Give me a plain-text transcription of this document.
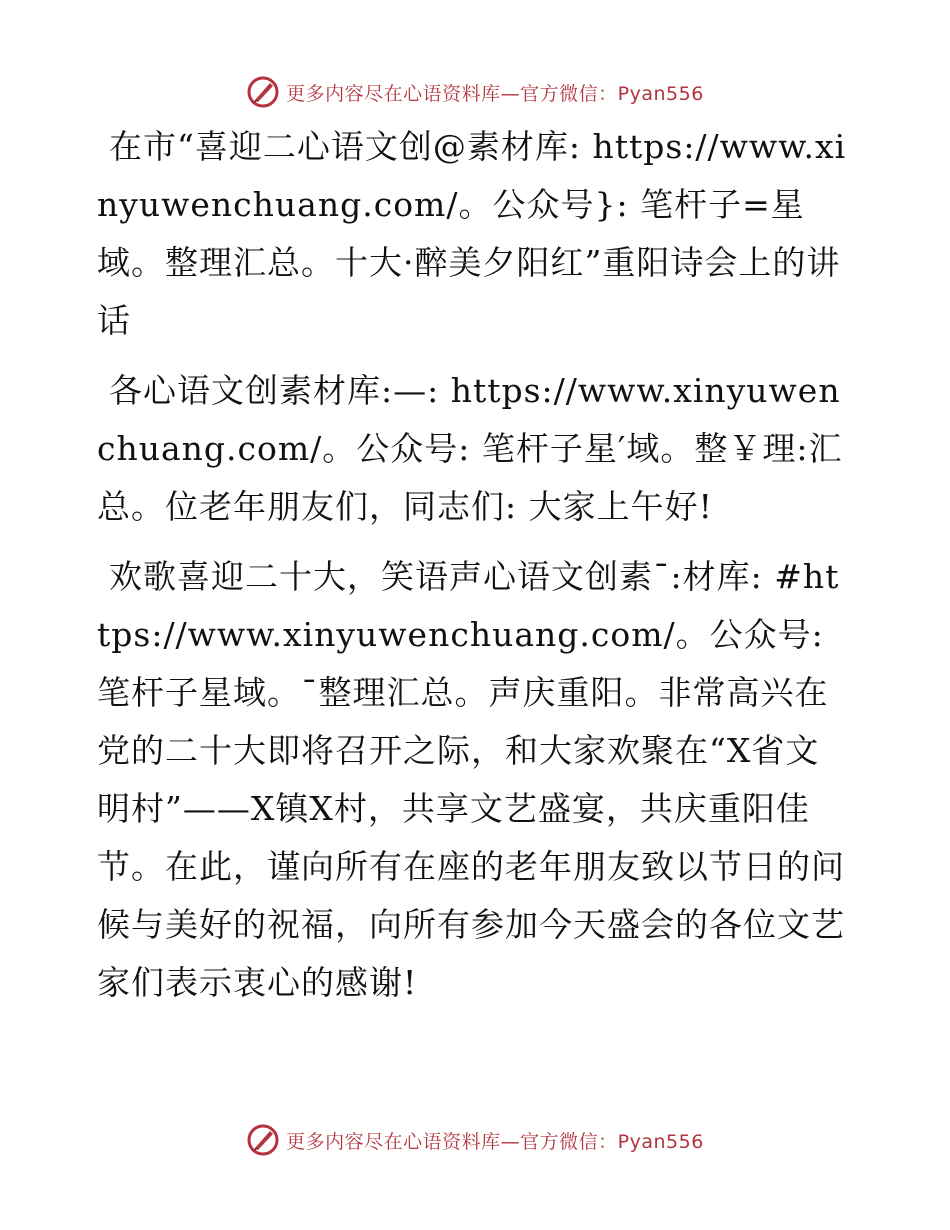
更多内容尽在心语资料库—官方微信：Pyan556

在市“喜迎二心语文创@素材库: https://www.xinyuwenchuang.com/。公众号}: 笔杆子=星域。整理汇总。十大·醉美夕阳红”重阳诗会上的讲话

各心语文创素材库:—: https://www.xinyuwenchuang.com/。公众号: 笔杆子星′域。整￥理:汇总。位老年朋友们，同志们: 大家上午好!

欢歌喜迎二十大，笑语声心语文创素¯:材库: #https://www.xinyuwenchuang.com/。公众号: 笔杆子星域。¯整理汇总。声庆重阳。非常高兴在党的二十大即将召开之际，和大家欢聚在“X省文明村”——X镇X村，共享文艺盛宴，共庆重阳佳节。在此，谨向所有在座的老年朋友致以节日的问候与美好的祝福，向所有参加今天盛会的各位文艺家们表示衷心的感谢!

更多内容尽在心语资料库—官方微信：Pyan556
